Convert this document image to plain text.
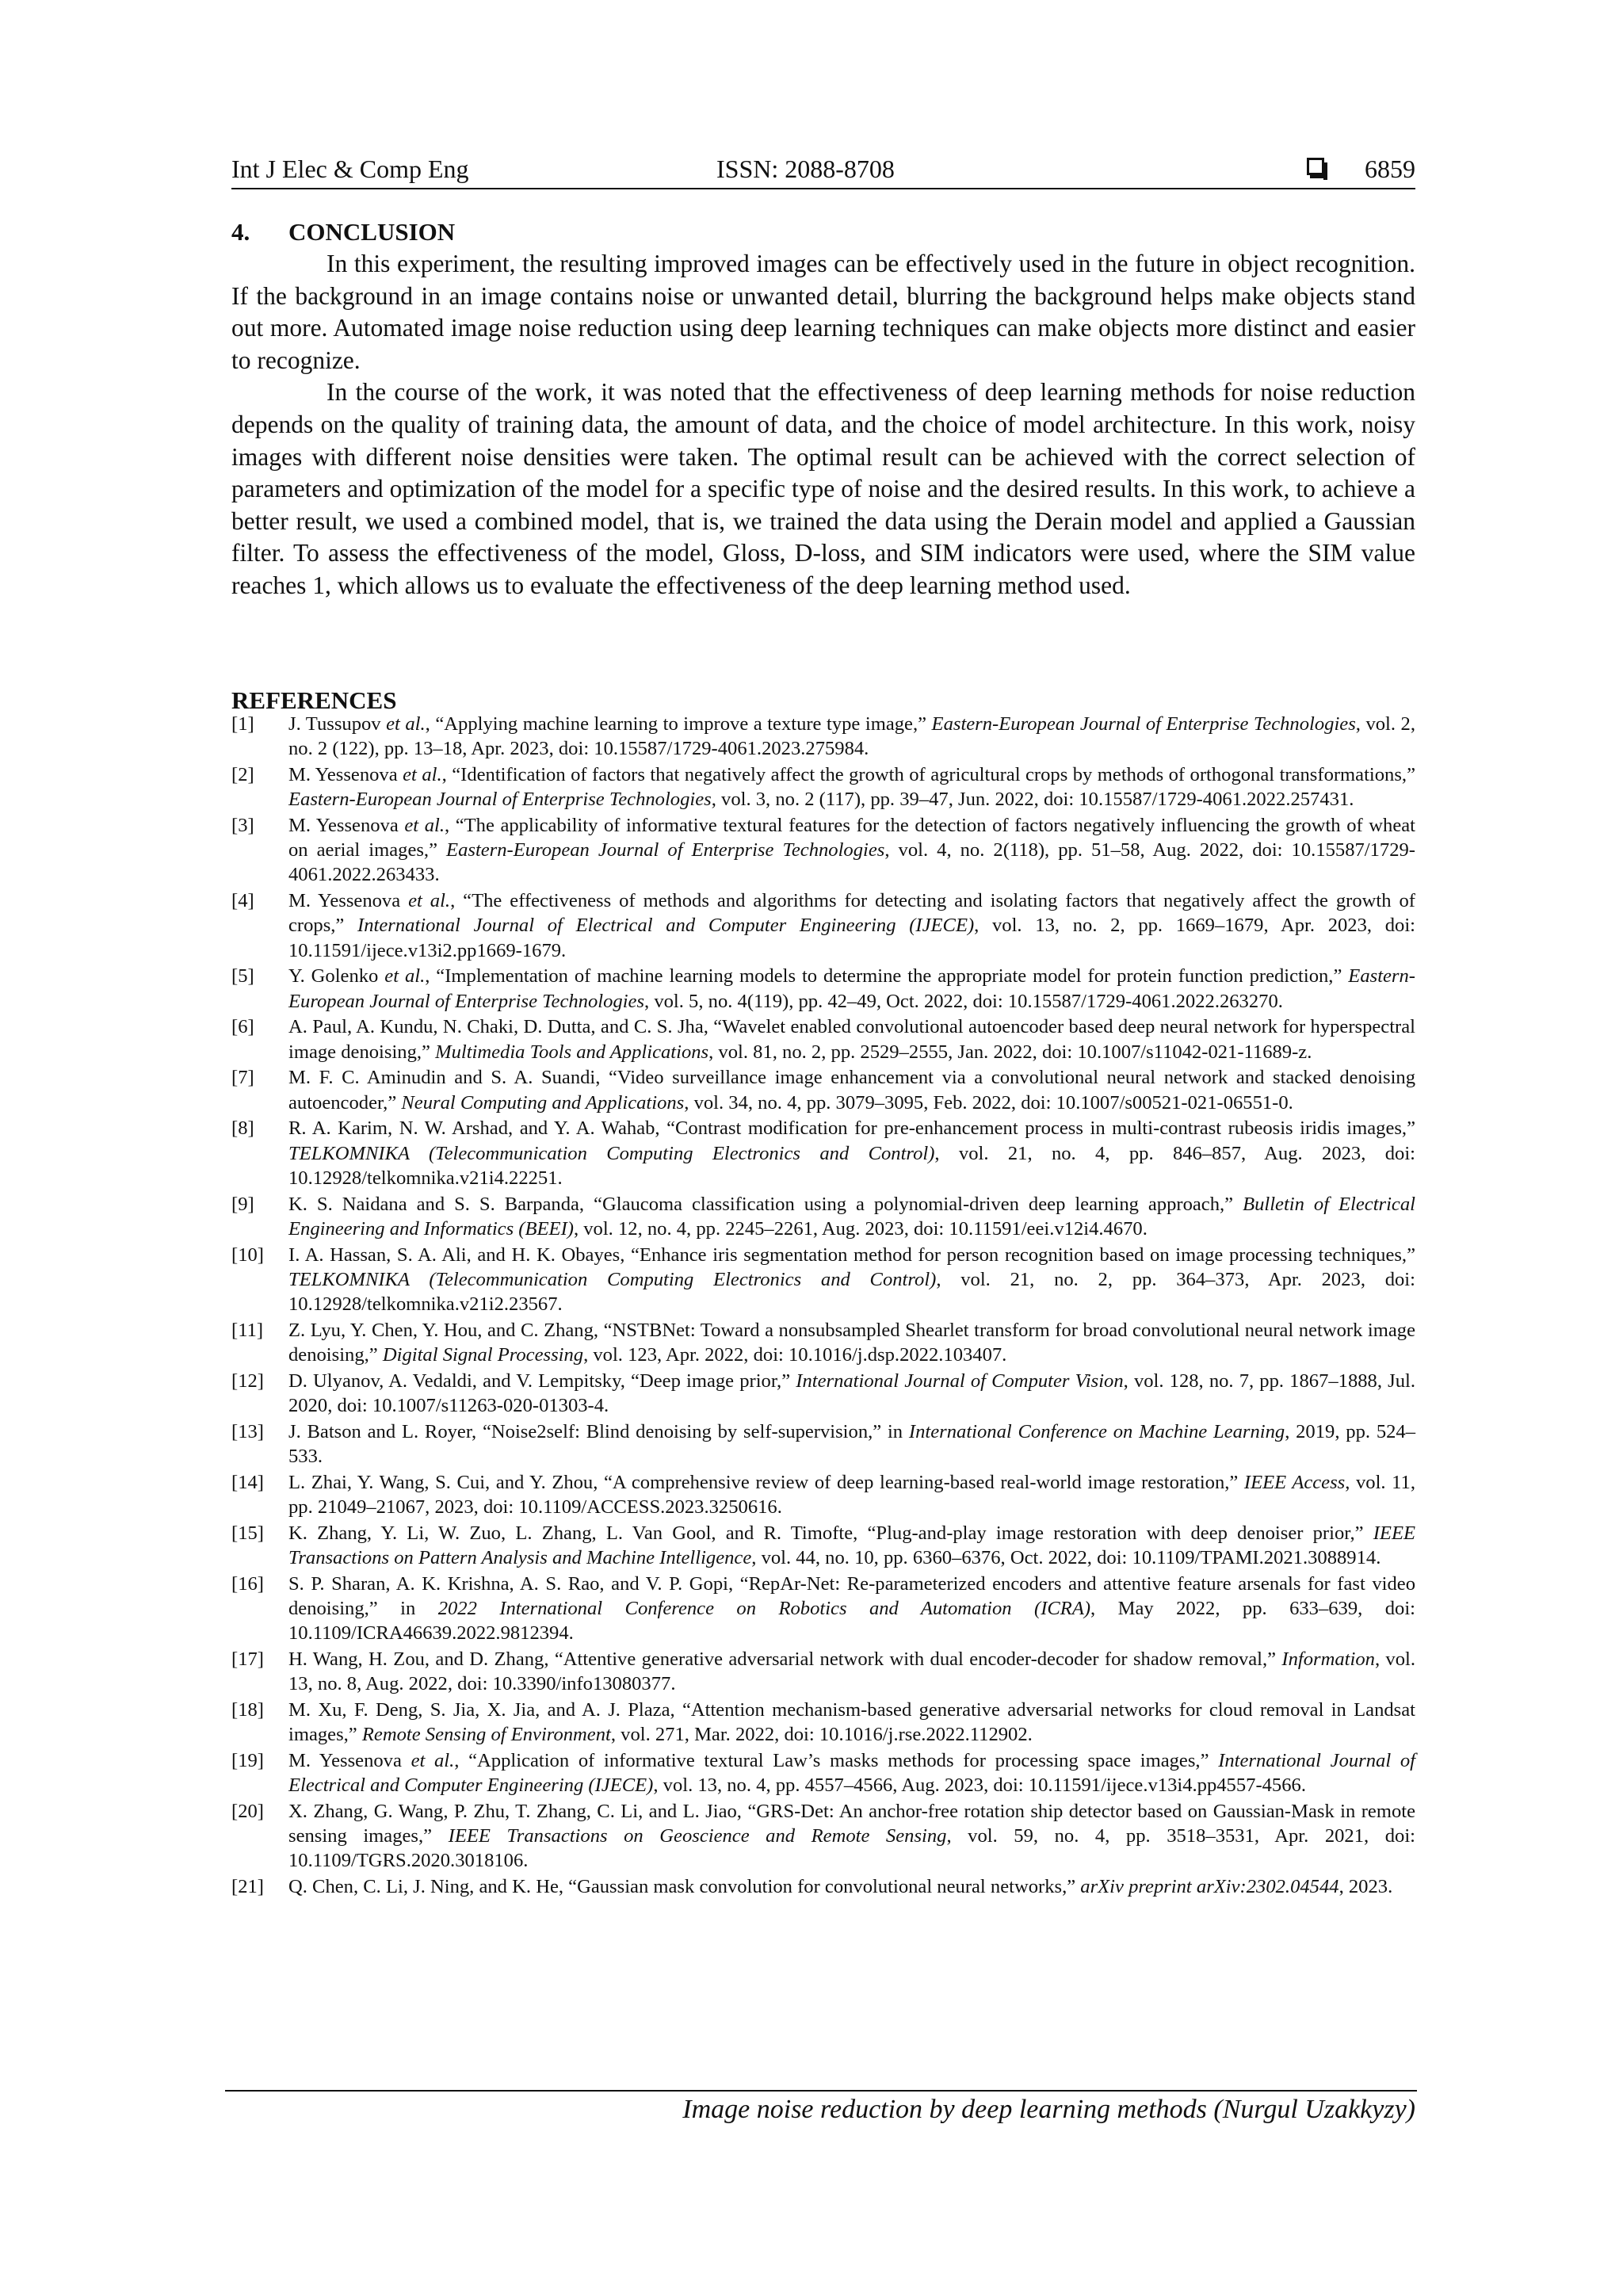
Int J Elec & Comp Eng	ISSN: 2088-8708	6859

4. CONCLUSION

In this experiment, the resulting improved images can be effectively used in the future in object recognition. If the background in an image contains noise or unwanted detail, blurring the background helps make objects stand out more. Automated image noise reduction using deep learning techniques can make objects more distinct and easier to recognize.

In the course of the work, it was noted that the effectiveness of deep learning methods for noise reduction depends on the quality of training data, the amount of data, and the choice of model architecture. In this work, noisy images with different noise densities were taken. The optimal result can be achieved with the correct selection of parameters and optimization of the model for a specific type of noise and the desired results. In this work, to achieve a better result, we used a combined model, that is, we trained the data using the Derain model and applied a Gaussian filter. To assess the effectiveness of the model, Gloss, D-loss, and SIM indicators were used, where the SIM value reaches 1, which allows us to evaluate the effectiveness of the deep learning method used.

REFERENCES

[1] J. Tussupov et al., “Applying machine learning to improve a texture type image,” Eastern-European Journal of Enterprise Technologies, vol. 2, no. 2 (122), pp. 13–18, Apr. 2023, doi: 10.15587/1729-4061.2023.275984.
[2] M. Yessenova et al., “Identification of factors that negatively affect the growth of agricultural crops by methods of orthogonal transformations,” Eastern-European Journal of Enterprise Technologies, vol. 3, no. 2 (117), pp. 39–47, Jun. 2022, doi: 10.15587/1729-4061.2022.257431.
[3] M. Yessenova et al., “The applicability of informative textural features for the detection of factors negatively influencing the growth of wheat on aerial images,” Eastern-European Journal of Enterprise Technologies, vol. 4, no. 2(118), pp. 51–58, Aug. 2022, doi: 10.15587/1729-4061.2022.263433.
[4] M. Yessenova et al., “The effectiveness of methods and algorithms for detecting and isolating factors that negatively affect the growth of crops,” International Journal of Electrical and Computer Engineering (IJECE), vol. 13, no. 2, pp. 1669–1679, Apr. 2023, doi: 10.11591/ijece.v13i2.pp1669-1679.
[5] Y. Golenko et al., “Implementation of machine learning models to determine the appropriate model for protein function prediction,” Eastern-European Journal of Enterprise Technologies, vol. 5, no. 4(119), pp. 42–49, Oct. 2022, doi: 10.15587/1729-4061.2022.263270.
[6] A. Paul, A. Kundu, N. Chaki, D. Dutta, and C. S. Jha, “Wavelet enabled convolutional autoencoder based deep neural network for hyperspectral image denoising,” Multimedia Tools and Applications, vol. 81, no. 2, pp. 2529–2555, Jan. 2022, doi: 10.1007/s11042-021-11689-z.
[7] M. F. C. Aminudin and S. A. Suandi, “Video surveillance image enhancement via a convolutional neural network and stacked denoising autoencoder,” Neural Computing and Applications, vol. 34, no. 4, pp. 3079–3095, Feb. 2022, doi: 10.1007/s00521-021-06551-0.
[8] R. A. Karim, N. W. Arshad, and Y. A. Wahab, “Contrast modification for pre-enhancement process in multi-contrast rubeosis iridis images,” TELKOMNIKA (Telecommunication Computing Electronics and Control), vol. 21, no. 4, pp. 846–857, Aug. 2023, doi: 10.12928/telkomnika.v21i4.22251.
[9] K. S. Naidana and S. S. Barpanda, “Glaucoma classification using a polynomial-driven deep learning approach,” Bulletin of Electrical Engineering and Informatics (BEEI), vol. 12, no. 4, pp. 2245–2261, Aug. 2023, doi: 10.11591/eei.v12i4.4670.
[10] I. A. Hassan, S. A. Ali, and H. K. Obayes, “Enhance iris segmentation method for person recognition based on image processing techniques,” TELKOMNIKA (Telecommunication Computing Electronics and Control), vol. 21, no. 2, pp. 364–373, Apr. 2023, doi: 10.12928/telkomnika.v21i2.23567.
[11] Z. Lyu, Y. Chen, Y. Hou, and C. Zhang, “NSTBNet: Toward a nonsubsampled Shearlet transform for broad convolutional neural network image denoising,” Digital Signal Processing, vol. 123, Apr. 2022, doi: 10.1016/j.dsp.2022.103407.
[12] D. Ulyanov, A. Vedaldi, and V. Lempitsky, “Deep image prior,” International Journal of Computer Vision, vol. 128, no. 7, pp. 1867–1888, Jul. 2020, doi: 10.1007/s11263-020-01303-4.
[13] J. Batson and L. Royer, “Noise2self: Blind denoising by self-supervision,” in International Conference on Machine Learning, 2019, pp. 524–533.
[14] L. Zhai, Y. Wang, S. Cui, and Y. Zhou, “A comprehensive review of deep learning-based real-world image restoration,” IEEE Access, vol. 11, pp. 21049–21067, 2023, doi: 10.1109/ACCESS.2023.3250616.
[15] K. Zhang, Y. Li, W. Zuo, L. Zhang, L. Van Gool, and R. Timofte, “Plug-and-play image restoration with deep denoiser prior,” IEEE Transactions on Pattern Analysis and Machine Intelligence, vol. 44, no. 10, pp. 6360–6376, Oct. 2022, doi: 10.1109/TPAMI.2021.3088914.
[16] S. P. Sharan, A. K. Krishna, A. S. Rao, and V. P. Gopi, “RepAr-Net: Re-parameterized encoders and attentive feature arsenals for fast video denoising,” in 2022 International Conference on Robotics and Automation (ICRA), May 2022, pp. 633–639, doi: 10.1109/ICRA46639.2022.9812394.
[17] H. Wang, H. Zou, and D. Zhang, “Attentive generative adversarial network with dual encoder-decoder for shadow removal,” Information, vol. 13, no. 8, Aug. 2022, doi: 10.3390/info13080377.
[18] M. Xu, F. Deng, S. Jia, X. Jia, and A. J. Plaza, “Attention mechanism-based generative adversarial networks for cloud removal in Landsat images,” Remote Sensing of Environment, vol. 271, Mar. 2022, doi: 10.1016/j.rse.2022.112902.
[19] M. Yessenova et al., “Application of informative textural Law’s masks methods for processing space images,” International Journal of Electrical and Computer Engineering (IJECE), vol. 13, no. 4, pp. 4557–4566, Aug. 2023, doi: 10.11591/ijece.v13i4.pp4557-4566.
[20] X. Zhang, G. Wang, P. Zhu, T. Zhang, C. Li, and L. Jiao, “GRS-Det: An anchor-free rotation ship detector based on Gaussian-Mask in remote sensing images,” IEEE Transactions on Geoscience and Remote Sensing, vol. 59, no. 4, pp. 3518–3531, Apr. 2021, doi: 10.1109/TGRS.2020.3018106.
[21] Q. Chen, C. Li, J. Ning, and K. He, “Gaussian mask convolution for convolutional neural networks,” arXiv preprint arXiv:2302.04544, 2023.
Image noise reduction by deep learning methods (Nurgul Uzakkyzy)
